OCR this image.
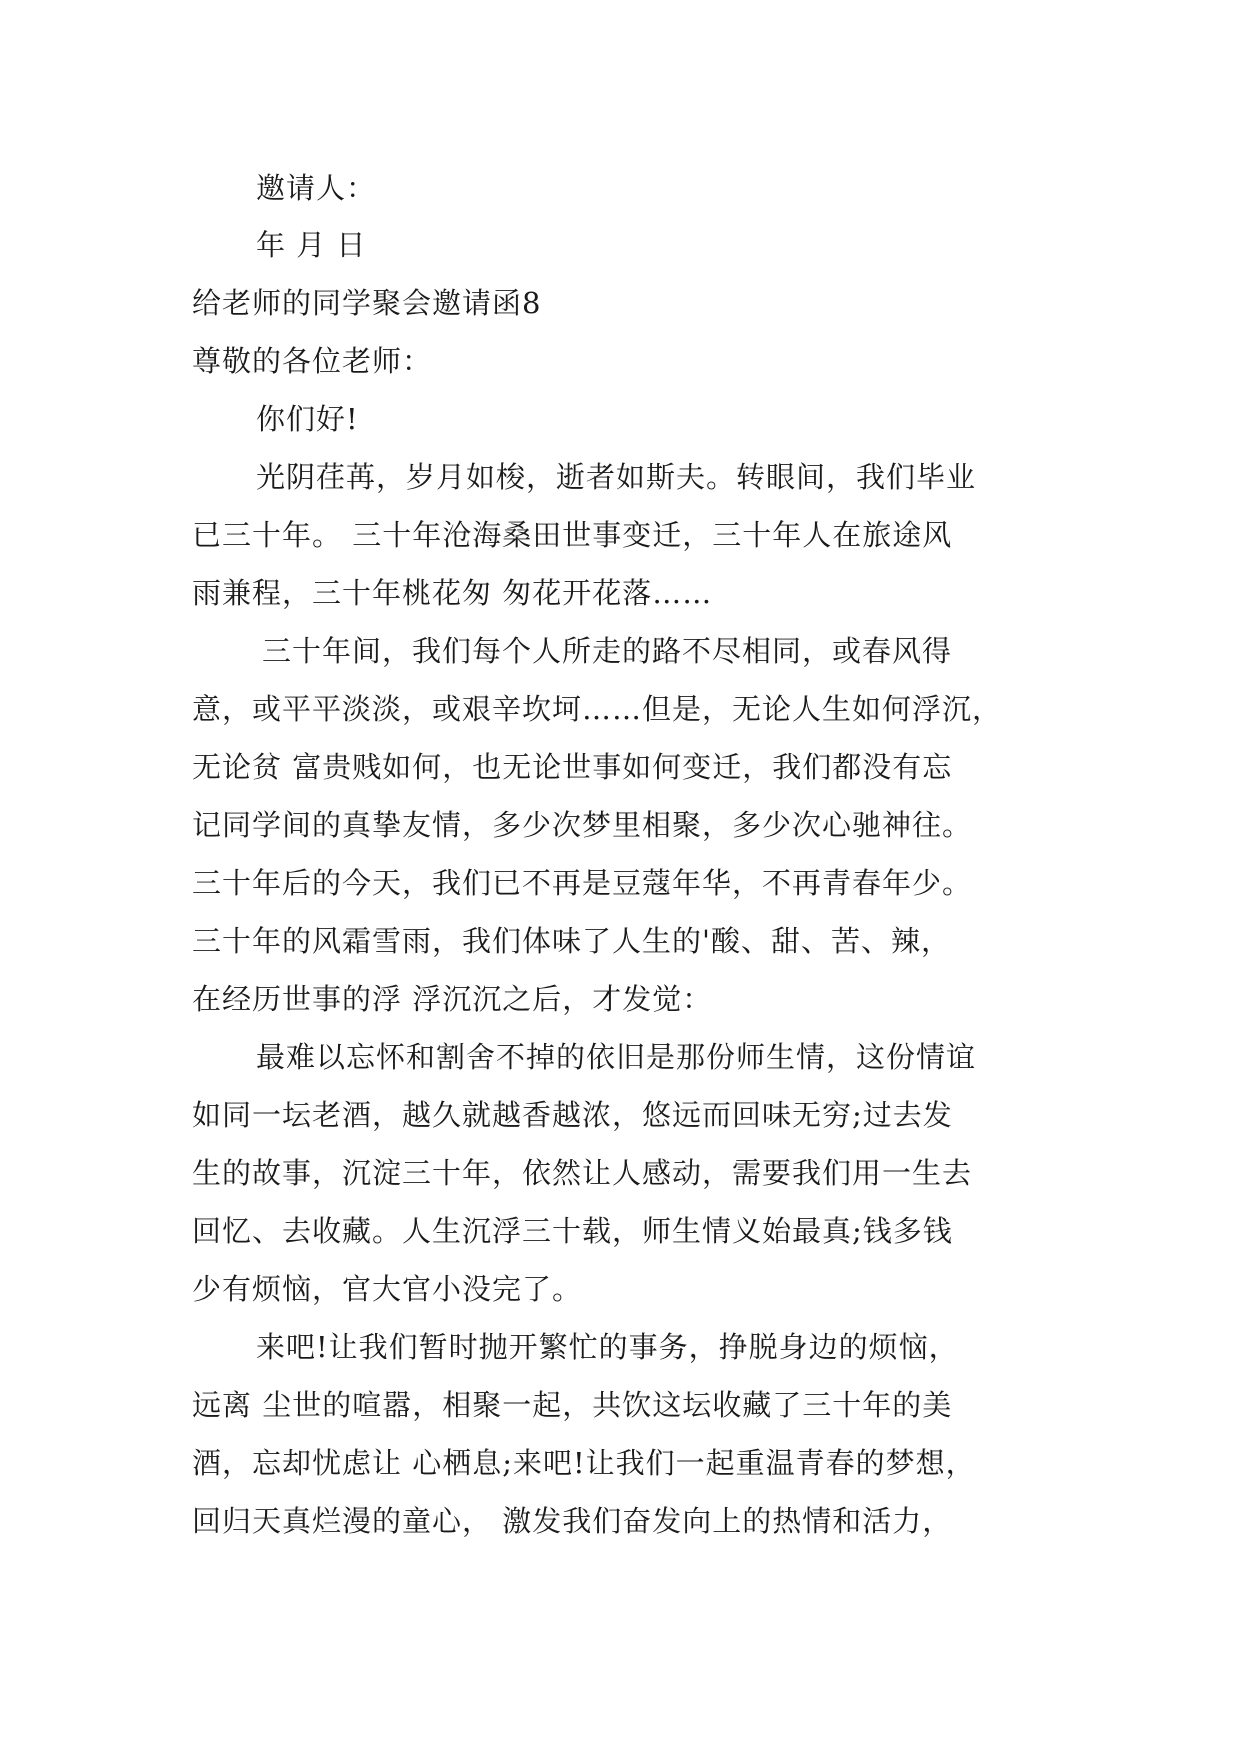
邀请人：
年 月 日
给老师的同学聚会邀请函8
尊敬的各位老师：
你们好!
光阴荏苒，岁月如梭，逝者如斯夫。转眼间，我们毕业
已三十年。 三十年沧海桑田世事变迁，三十年人在旅途风
雨兼程，三十年桃花匆 匆花开花落……
三十年间，我们每个人所走的路不尽相同，或春风得
意，或平平淡淡，或艰辛坎坷……但是，无论人生如何浮沉，
无论贫 富贵贱如何，也无论世事如何变迁，我们都没有忘
记同学间的真挚友情，多少次梦里相聚，多少次心驰神往。
三十年后的今天，我们已不再是豆蔻年华，不再青春年少。
三十年的风霜雪雨，我们体味了人生的'酸、甜、苦、辣，
在经历世事的浮 浮沉沉之后，才发觉：
最难以忘怀和割舍不掉的依旧是那份师生情，这份情谊
如同一坛老酒，越久就越香越浓，悠远而回味无穷;过去发
生的故事，沉淀三十年，依然让人感动，需要我们用一生去
回忆、去收藏。人生沉浮三十载，师生情义始最真;钱多钱
少有烦恼，官大官小没完了。
来吧!让我们暂时抛开繁忙的事务，挣脱身边的烦恼，
远离 尘世的喧嚣，相聚一起，共饮这坛收藏了三十年的美
酒，忘却忧虑让 心栖息;来吧!让我们一起重温青春的梦想，
回归天真烂漫的童心， 激发我们奋发向上的热情和活力，
